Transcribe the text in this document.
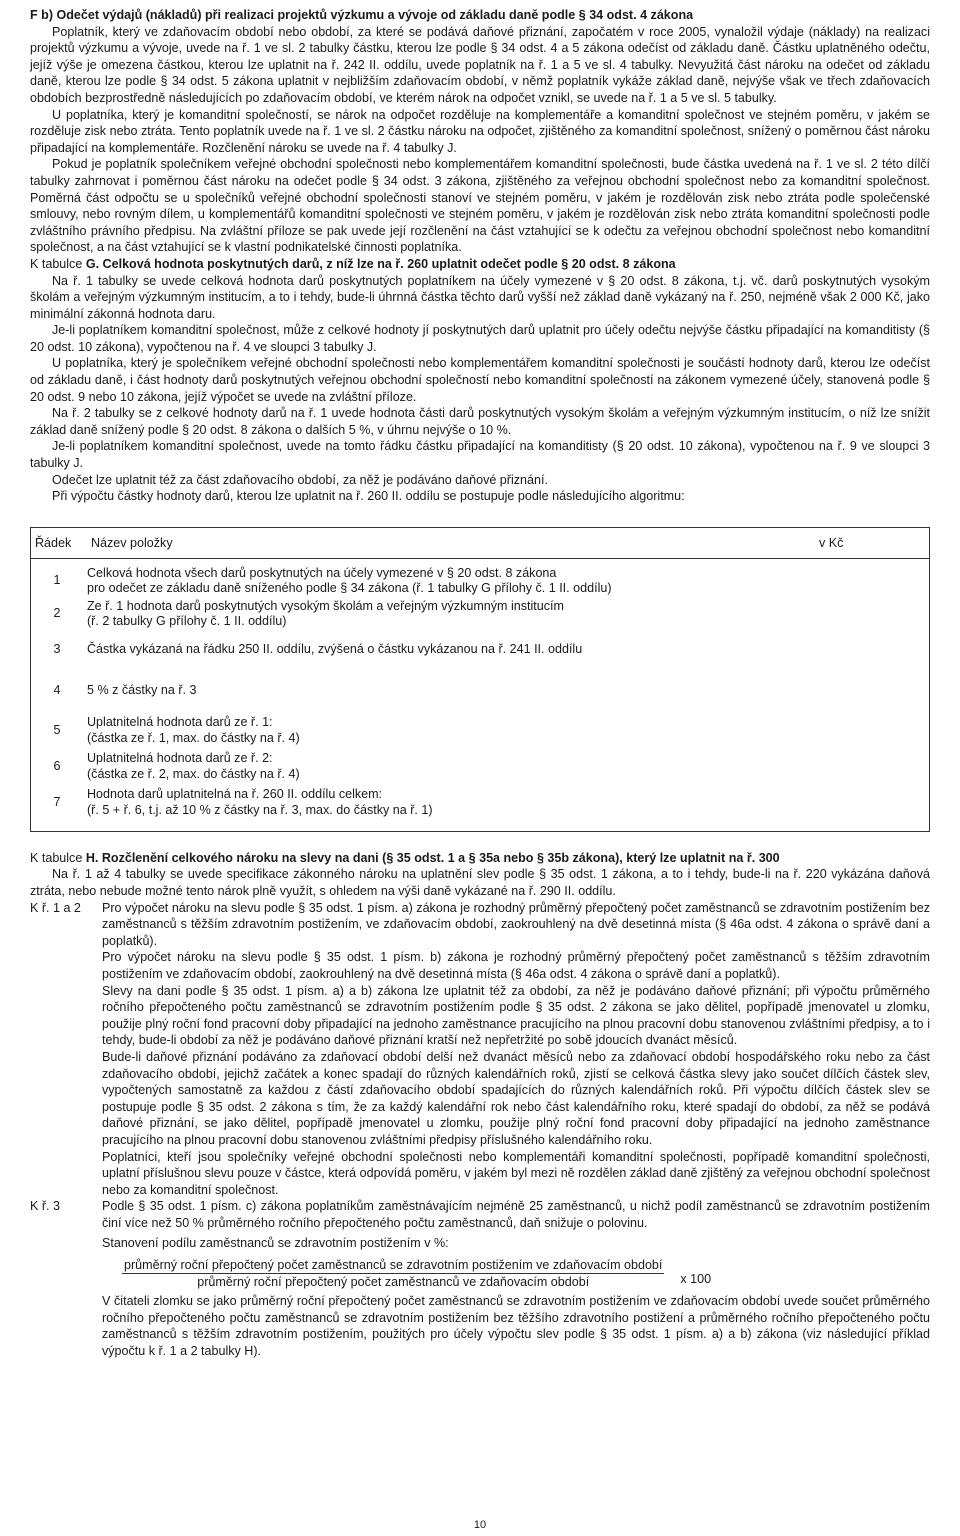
F b) Odečet výdajů (nákladů) při realizaci projektů výzkumu a vývoje od základu daně podle § 34 odst. 4 zákona

Poplatník, který ve zdaňovacím období nebo období, za které se podává daňové přiznání, započatém v roce 2005, vynaložil výdaje (náklady) na realizaci projektů výzkumu a vývoje, uvede na ř. 1 ve sl. 2 tabulky částku, kterou lze podle § 34 odst. 4 a 5 zákona odečíst od základu daně. Částku uplatněného odečtu, jejíž výše je omezena částkou, kterou lze uplatnit na ř. 242 II. oddílu, uvede poplatník na ř. 1 a 5 ve sl. 4 tabulky. Nevyužitá část nároku na odečet od základu daně, kterou lze podle § 34 odst. 5 zákona uplatnit v nejbližším zdaňovacím období, v němž poplatník vykáže základ daně, nejvýše však ve třech zdaňovacích obdobích bezprostředně následujících po zdaňovacím období, ve kterém nárok na odpočet vznikl, se uvede na ř. 1 a 5 ve sl. 5 tabulky.

U poplatníka, který je komanditní společností, se nárok na odpočet rozděluje na komplementáře a komanditní společnost ve stejném poměru, v jakém se rozděluje zisk nebo ztráta. Tento poplatník uvede na ř. 1 ve sl. 2 částku nároku na odpočet, zjištěného za komanditní společnost, snížený o poměrnou část nároku připadající na komplementáře. Rozčlenění nároku se uvede na ř. 4 tabulky J.

Pokud je poplatník společníkem veřejné obchodní společnosti nebo komplementářem komanditní společnosti, bude částka uvedená na ř. 1 ve sl. 2 této dílčí tabulky zahrnovat i poměrnou část nároku na odečet podle § 34 odst. 3 zákona, zjištěného za veřejnou obchodní společnost nebo za komanditní společnost. Poměrná část odpočtu se u společníků veřejné obchodní společnosti stanoví ve stejném poměru, v jakém je rozdělován zisk nebo ztráta podle společenské smlouvy, nebo rovným dílem, u komplementářů komanditní společnosti ve stejném poměru, v jakém je rozdělován zisk nebo ztráta komanditní společnosti podle zvláštního právního předpisu. Na zvláštní příloze se pak uvede její rozčlenění na část vztahující se k odečtu za veřejnou obchodní společnost nebo komanditní společnost, a na část vztahující se k vlastní podnikatelské činnosti poplatníka.

K tabulce G. Celková hodnota poskytnutých darů, z níž lze na ř. 260 uplatnit odečet podle § 20 odst. 8 zákona

Na ř. 1 tabulky se uvede celková hodnota darů poskytnutých poplatníkem na účely vymezené v § 20 odst. 8 zákona, t.j. vč. darů poskytnutých vysokým školám a veřejným výzkumným institucím, a to i tehdy, bude-li úhrnná částka těchto darů vyšší než základ daně vykázaný na ř. 250, nejméně však 2 000 Kč, jako minimální zákonná hodnota daru.

Je-li poplatníkem komanditní společnost, může z celkové hodnoty jí poskytnutých darů uplatnit pro účely odečtu nejvýše částku připadající na komanditisty (§ 20 odst. 10 zákona), vypočtenou na ř. 4 ve sloupci 3 tabulky J.

U poplatníka, který je společníkem veřejné obchodní společnosti nebo komplementářem komanditní společnosti je součástí hodnoty darů, kterou lze odečíst od základu daně, i část hodnoty darů poskytnutých veřejnou obchodní společností nebo komanditní společností na zákonem vymezené účely, stanovená podle § 20 odst. 9 nebo 10 zákona, jejíž výpočet se uvede na zvláštní příloze.

Na ř. 2 tabulky se z celkové hodnoty darů na ř. 1 uvede hodnota části darů poskytnutých vysokým školám a veřejným výzkumným institucím, o níž lze snížit základ daně snížený podle § 20 odst. 8 zákona o dalších 5 %, v úhrnu nejvýše o 10 %.

Je-li poplatníkem komanditní společnost, uvede na tomto řádku částku připadající na komanditisty (§ 20 odst. 10 zákona), vypočtenou na ř. 9 ve sloupci 3 tabulky J.

Odečet lze uplatnit též za část zdaňovacího období, za něž je podáváno daňové přiznání.

Při výpočtu částky hodnoty darů, kterou lze uplatnit na ř. 260 II. oddílu se postupuje podle následujícího algoritmu:

Řádek	Název položky	v Kč
1
Celková hodnota všech darů poskytnutých na účely vymezené v § 20 odst. 8 zákona
pro odečet ze základu daně sníženého podle § 34 zákona (ř. 1 tabulky G přílohy č. 1 II. oddílu)
2
Ze ř. 1 hodnota darů poskytnutých vysokým školám a veřejným výzkumným institucím
(ř. 2 tabulky G přílohy č. 1 II. oddílu)
3	Částka vykázaná na řádku 250 II. oddílu, zvýšená o částku vykázanou na ř. 241 II. oddílu
4	5 % z částky na ř. 3
5
Uplatnitelná hodnota darů ze ř. 1:
(částka ze ř. 1, max. do částky na ř. 4)
6
Uplatnitelná hodnota darů ze ř. 2:
(částka ze ř. 2, max. do částky na ř. 4)
7
Hodnota darů uplatnitelná na ř. 260 II. oddílu celkem:
(ř. 5 + ř. 6, t.j. až 10 % z částky na ř. 3, max. do částky na ř. 1)

K tabulce H. Rozčlenění celkového nároku na slevy na dani (§ 35 odst. 1 a § 35a nebo § 35b zákona), který lze uplatnit na ř. 300

Na ř. 1 až 4 tabulky se uvede specifikace zákonného nároku na uplatnění slev podle § 35 odst. 1 zákona, a to i tehdy, bude-li na ř. 220 vykázána daňová ztráta, nebo nebude možné tento nárok plně využít, s ohledem na výši daně vykázané na ř. 290 II. oddílu.

K ř. 1 a 2	Pro výpočet nároku na slevu podle § 35 odst. 1 písm. a) zákona je rozhodný průměrný přepočtený počet zaměstnanců se zdravotním postižením bez zaměstnanců s těžším zdravotním postižením, ve zdaňovacím období, zaokrouhlený na dvě desetinná místa (§ 46a odst. 4 zákona o správě daní a poplatků).

Pro výpočet nároku na slevu podle § 35 odst. 1 písm. b) zákona je rozhodný průměrný přepočtený počet zaměstnanců s těžším zdravotním postižením ve zdaňovacím období, zaokrouhlený na dvě desetinná místa (§ 46a odst. 4 zákona o správě daní a poplatků).

Slevy na dani podle § 35 odst. 1 písm. a) a b) zákona lze uplatnit též za období, za něž je podáváno daňové přiznání; při výpočtu průměrného ročního přepočteného počtu zaměstnanců se zdravotním postižením podle § 35 odst. 2 zákona se jako dělitel, popřípadě jmenovatel u zlomku, použije plný roční fond pracovní doby připadající na jednoho zaměstnance pracujícího na plnou pracovní dobu stanovenou zvláštními předpisy, a to i tehdy, bude-li období za něž je podáváno daňové přiznání kratší než nepřetržité po sobě jdoucích dvanáct měsíců.

Bude-li daňové přiznání podáváno za zdaňovací období delší než dvanáct měsíců nebo za zdaňovací období hospodářského roku nebo za část zdaňovacího období, jejichž začátek a konec spadají do různých kalendářních roků, zjistí se celková částka slevy jako součet dílčích částek slev, vypočtených samostatně za každou z částí zdaňovacího období spadajících do různých kalendářních roků. Při výpočtu dílčích částek slev se postupuje podle § 35 odst. 2 zákona s tím, že za každý kalendářní rok nebo část kalendářního roku, které spadají do období, za něž se podává daňové přiznání, se jako dělitel, popřípadě jmenovatel u zlomku, použije plný roční fond pracovní doby připadající na jednoho zaměstnance pracujícího na plnou pracovní dobu stanovenou zvláštními předpisy příslušného kalendářního roku.

Poplatníci, kteří jsou společníky veřejné obchodní společnosti nebo komplementáři komanditní společnosti, popřípadě komanditní společnosti, uplatní příslušnou slevu pouze v částce, která odpovídá poměru, v jakém byl mezi ně rozdělen základ daně zjištěný za veřejnou obchodní společnost nebo za komanditní společnost.

K ř. 3	Podle § 35 odst. 1 písm. c) zákona poplatníkům zaměstnávajícím nejméně 25 zaměstnanců, u nichž podíl zaměstnanců se zdravotním postižením činí více než 50 % průměrného ročního přepočteného počtu zaměstnanců, daň snižuje o polovinu.

Stanovení podílu zaměstnanců se zdravotním postižením v %:

průměrný roční přepočtený počet zaměstnanců se zdravotním postižením ve zdaňovacím období
průměrný roční přepočtený počet zaměstnanců ve zdaňovacím období	x 100

V čitateli zlomku se jako průměrný roční přepočtený počet zaměstnanců se zdravotním postižením ve zdaňovacím období uvede součet průměrného ročního přepočteného počtu zaměstnanců se zdravotním postižením bez těžšího zdravotního postižení a průměrného ročního přepočteného počtu zaměstnanců s těžším zdravotním postižením, použitých pro účely výpočtu slev podle § 35 odst. 1 písm. a) a b) zákona (viz následující příklad výpočtu k ř. 1 a 2 tabulky H).

10
